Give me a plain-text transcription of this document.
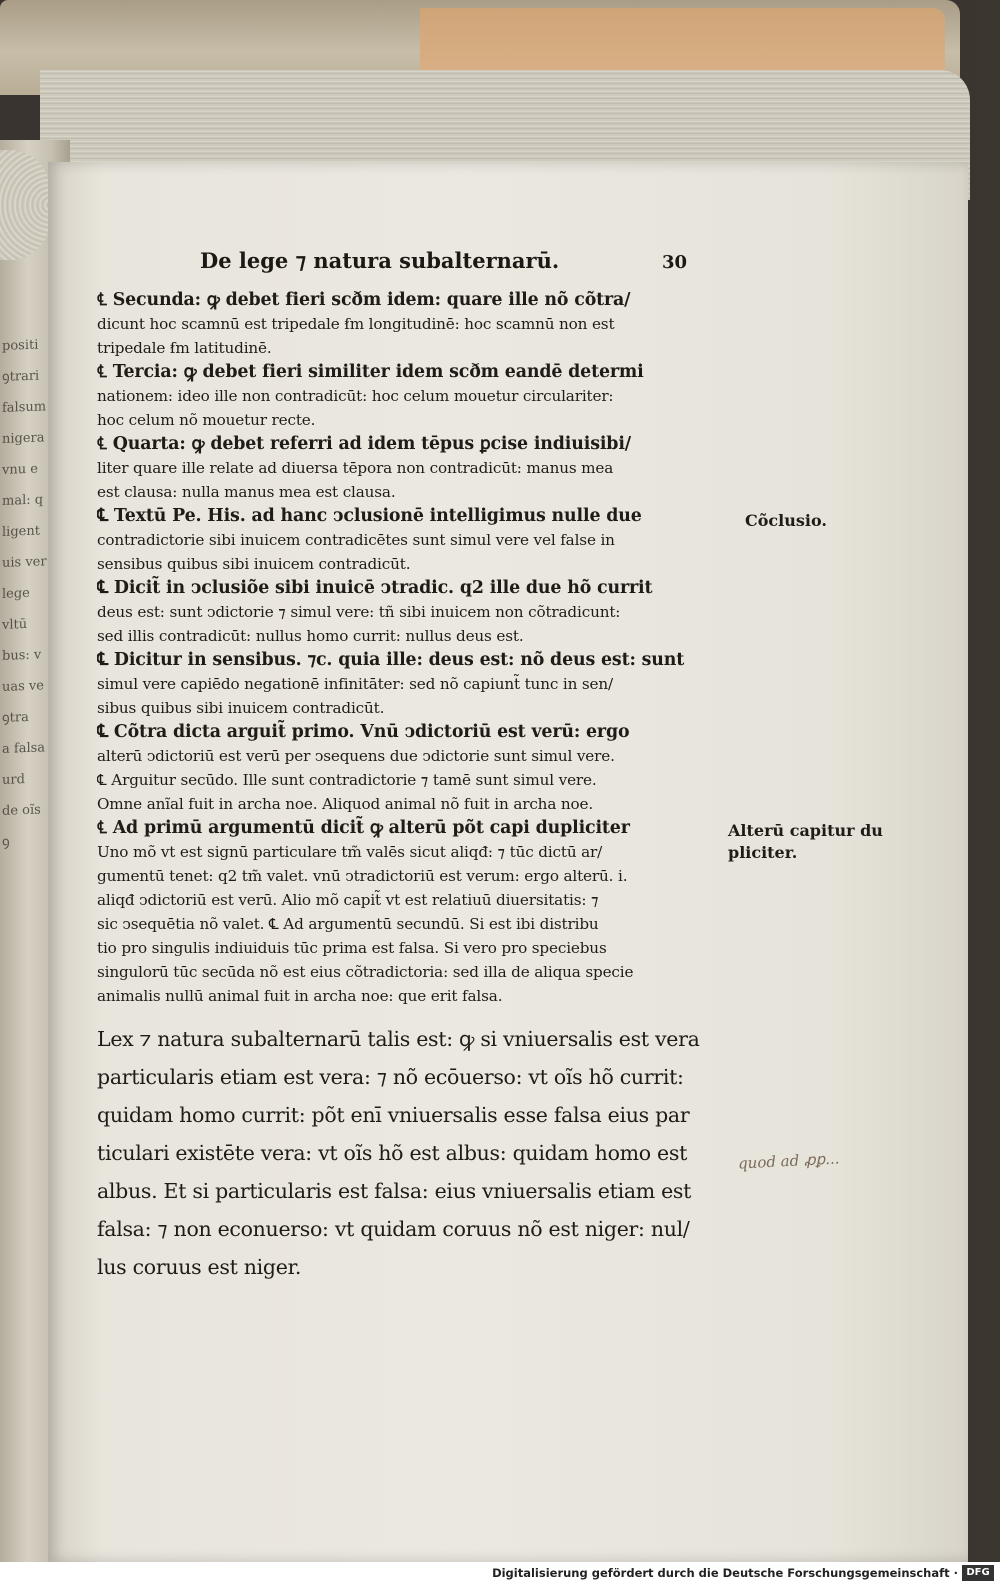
positi
ꝯtrari
falsum
nigera
vnu e
mal: q
ligent
uis ver
lege
vltū
bus: v
uas ve
ꝯtra
a falsa
urd
de oĩs
ꝯ
De lege ⁊ natura subalternarū.	30

℄ Secunda: ꝙ debet fieri scðm idem: quare ille nõ cõtra/
dicunt hoc scamnū est tripedale ẜm longitudinē: hoc scamnū non est
tripedale ẜm latitudinē.
℄ Tercia: ꝙ debet fieri similiter idem scðm eandē determi
nationem: ideo ille non contradicūt: hoc celum mouetur circulariter:
hoc celum nõ mouetur recte.
℄ Quarta: ꝙ debet referri ad idem tēpus ꝑcise indiuisibi/
liter quare ille relate ad diuersa tēpora non contradicūt: manus mea
est clausa: nulla manus mea est clausa.
℄ Textū Pe. His. ad hanc ↄclusionē intelligimus nulle due
contradictorie sibi inuicem contradicētes sunt simul vere vel false in
sensibus quibus sibi inuicem contradicūt.
℄ Dicit̃ in ↄclusiõe sibi inuicē ↄtradic. q2 ille due hõ currit
deus est: sunt ↄdictorie ⁊ simul vere: tñ sibi inuicem non cõtradicunt:
sed illis contradicūt: nullus homo currit: nullus deus est.
℄ Dicitur in sensibus. ⁊c. quia ille: deus est: nõ deus est: sunt
simul vere capiēdo negationē infinitāter: sed nõ capiunt̃ tunc in sen/
sibus quibus sibi inuicem contradicūt.
℄ Cõtra dicta arguit̃ primo. Vnū ↄdictoriū est verū: ergo
alterū ↄdictoriū est verū per ↄsequens due ↄdictorie sunt simul vere.
℄ Arguitur secūdo. Ille sunt contradictorie ⁊ tamē sunt simul vere.
Omne anĩal fuit in archa noe. Aliquod animal nõ fuit in archa noe.
℄ Ad primū argumentū dicit̃ ꝙ alterū põt capi dupliciter
Uno mõ vt est signū particulare tm̃ valēs sicut aliqđ: ⁊ tūc dictū ar/
gumentū tenet: q2 tm̃ valet. vnū ↄtradictoriū est verum: ergo alterū. i.
aliqđ ↄdictoriū est verū. Alio mõ capit̃ vt est relatiuū diuersitatis: ⁊
sic ↄsequētia nõ valet. ℄ Ad argumentū secundū. Si est ibi distribu
tio pro singulis indiuiduis tūc prima est falsa. Si vero pro speciebus
singulorū tūc secūda nõ est eius cõtradictoria: sed illa de aliqua specie
animalis nullū animal fuit in archa noe: que erit falsa.
Lex ⁊ natura subalternarū talis est: ꝙ si vniuersalis est vera
particularis etiam est vera: ⁊ nõ ecōuerso: vt oĩs hõ currit:
quidam homo currit: põt enī vniuersalis esse falsa eius par
ticulari existēte vera: vt oĩs hõ est albus: quidam homo est
albus. Et si particularis est falsa: eius vniuersalis etiam est
falsa: ⁊ non econuerso: vt quidam coruus nõ est niger: nul/
lus coruus est niger.
Cõclusio.
Alterū capitur du
pliciter.
quod ad ꝓꝑ...
Digitalisierung gefördert durch die Deutsche Forschungsgemeinschaft · DFG
